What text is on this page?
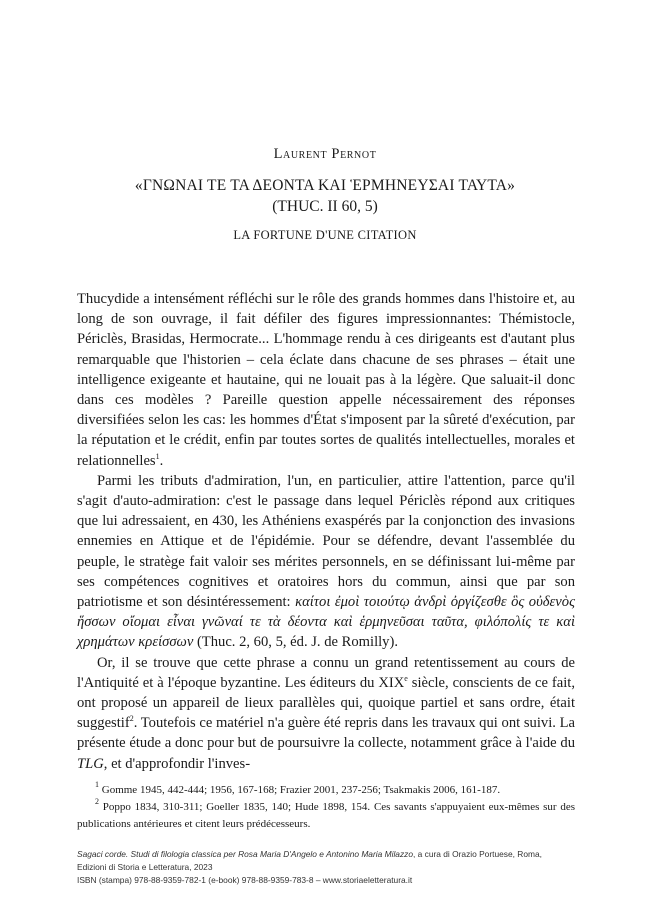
Laurent Pernot
«ΓΝΩΝΑΙ ΤΕ ΤΑ ΔΕΟΝΤΑ ΚΑΙ ἙΡΜΗΝΕΥΣΑΙ ΤΑΥΤΑ»
(THUC. II 60, 5)
LA FORTUNE D'UNE CITATION

Thucydide a intensément réfléchi sur le rôle des grands hommes dans l'histoire et, au long de son ouvrage, il fait défiler des figures impressionnantes: Thémistocle, Périclès, Brasidas, Hermocrate... L'hommage rendu à ces dirigeants est d'autant plus remarquable que l'historien – cela éclate dans chacune de ses phrases – était une intelligence exigeante et hautaine, qui ne louait pas à la légère. Que saluait-il donc dans ces modèles ? Pareille question appelle nécessairement des réponses diversifiées selon les cas: les hommes d'État s'imposent par la sûreté d'exécution, par la réputation et le crédit, enfin par toutes sortes de qualités intellectuelles, morales et relationnelles$^1$.

Parmi les tributs d'admiration, l'un, en particulier, attire l'attention, parce qu'il s'agit d'auto-admiration: c'est le passage dans lequel Périclès répond aux critiques que lui adressaient, en 430, les Athéniens exaspérés par la conjonction des invasions ennemies en Attique et de l'épidémie. Pour se défendre, devant l'assemblée du peuple, le stratège fait valoir ses mérites personnels, en se définissant lui-même par ses compétences cognitives et oratoires hors du commun, ainsi que par son patriotisme et son désintéressement: καίτοι ἐμοὶ τοιούτῳ ἀνδρὶ ὀργίζεσθε ὃς οὐδενὸς ἥσσων οἴομαι εἶναι γνῶναί τε τὰ δέοντα καὶ ἑρμηνεῦσαι ταῦτα, φιλόπολίς τε καὶ χρημάτων κρείσσων (Thuc. 2, 60, 5, éd. J. de Romilly).

Or, il se trouve que cette phrase a connu un grand retentissement au cours de l'Antiquité et à l'époque byzantine. Les éditeurs du XIXe siècle, conscients de ce fait, ont proposé un appareil de lieux parallèles qui, quoique partiel et sans ordre, était suggestif$^2$. Toutefois ce matériel n'a guère été repris dans les travaux qui ont suivi. La présente étude a donc pour but de poursuivre la collecte, notamment grâce à l'aide du TLG, et d'approfondir l'inves-

$^1$ Gomme 1945, 442-444; 1956, 167-168; Frazier 2001, 237-256; Tsakmakis 2006, 161-187.

$^2$ Poppo 1834, 310-311; Goeller 1835, 140; Hude 1898, 154. Ces savants s'appuyaient eux-mêmes sur des publications antérieures et citent leurs prédécesseurs.

Sagaci corde. Studi di filologia classica per Rosa Maria D'Angelo e Antonino Maria Milazzo, a cura di Orazio Portuese, Roma,
Edizioni di Storia e Letteratura, 2023
ISBN (stampa) 978-88-9359-782-1 (e-book) 978-88-9359-783-8 – www.storiaeletteratura.it
